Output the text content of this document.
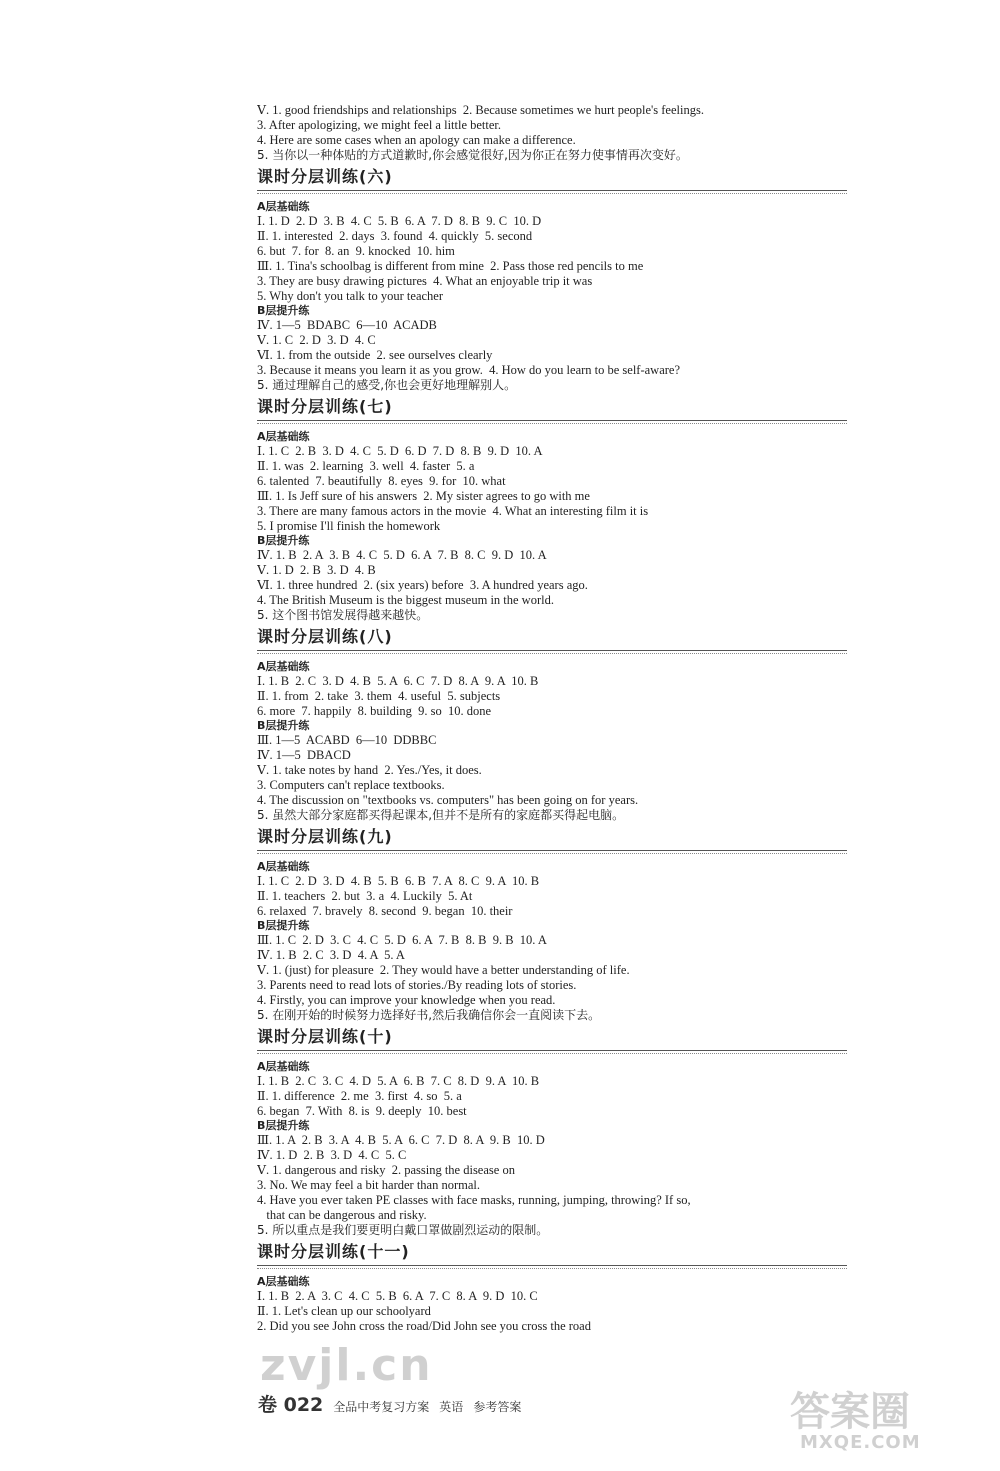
Ⅴ. 1. good friendships and relationships  2. Because sometimes we hurt people's feelings.
3. After apologizing, we might feel a little better.
4. Here are some cases when an apology can make a difference.
5. 当你以一种体贴的方式道歉时,你会感觉很好,因为你正在努力使事情再次变好。
课时分层训练(六)
A层基础练
Ⅰ. 1. D  2. D  3. B  4. C  5. B  6. A  7. D  8. B  9. C  10. D
Ⅱ. 1. interested  2. days  3. found  4. quickly  5. second
6. but  7. for  8. an  9. knocked  10. him
Ⅲ. 1. Tina's schoolbag is different from mine  2. Pass those red pencils to me
3. They are busy drawing pictures  4. What an enjoyable trip it was
5. Why don't you talk to your teacher
B层提升练
Ⅳ. 1—5  BDABC  6—10  ACADB
Ⅴ. 1. C  2. D  3. D  4. C
Ⅵ. 1. from the outside  2. see ourselves clearly
3. Because it means you learn it as you grow.  4. How do you learn to be self-aware?
5. 通过理解自己的感受,你也会更好地理解别人。
课时分层训练(七)
A层基础练
Ⅰ. 1. C  2. B  3. D  4. C  5. D  6. D  7. D  8. B  9. D  10. A
Ⅱ. 1. was  2. learning  3. well  4. faster  5. a
6. talented  7. beautifully  8. eyes  9. for  10. what
Ⅲ. 1. Is Jeff sure of his answers  2. My sister agrees to go with me
3. There are many famous actors in the movie  4. What an interesting film it is
5. I promise I'll finish the homework
B层提升练
Ⅳ. 1. B  2. A  3. B  4. C  5. D  6. A  7. B  8. C  9. D  10. A
Ⅴ. 1. D  2. B  3. D  4. B
Ⅵ. 1. three hundred  2. (six years) before  3. A hundred years ago.
4. The British Museum is the biggest museum in the world.
5. 这个图书馆发展得越来越快。
课时分层训练(八)
A层基础练
Ⅰ. 1. B  2. C  3. D  4. B  5. A  6. C  7. D  8. A  9. A  10. B
Ⅱ. 1. from  2. take  3. them  4. useful  5. subjects
6. more  7. happily  8. building  9. so  10. done
B层提升练
Ⅲ. 1—5  ACABD  6—10  DDBBC
Ⅳ. 1—5  DBACD
Ⅴ. 1. take notes by hand  2. Yes./Yes, it does.
3. Computers can't replace textbooks.
4. The discussion on "textbooks vs. computers" has been going on for years.
5. 虽然大部分家庭都买得起课本,但并不是所有的家庭都买得起电脑。
课时分层训练(九)
A层基础练
Ⅰ. 1. C  2. D  3. D  4. B  5. B  6. B  7. A  8. C  9. A  10. B
Ⅱ. 1. teachers  2. but  3. a  4. Luckily  5. At
6. relaxed  7. bravely  8. second  9. began  10. their
B层提升练
Ⅲ. 1. C  2. D  3. C  4. C  5. D  6. A  7. B  8. B  9. B  10. A
Ⅳ. 1. B  2. C  3. D  4. A  5. A
Ⅴ. 1. (just) for pleasure  2. They would have a better understanding of life.
3. Parents need to read lots of stories./By reading lots of stories.
4. Firstly, you can improve your knowledge when you read.
5. 在刚开始的时候努力选择好书,然后我确信你会一直阅读下去。
课时分层训练(十)
A层基础练
Ⅰ. 1. B  2. C  3. C  4. D  5. A  6. B  7. C  8. D  9. A  10. B
Ⅱ. 1. difference  2. me  3. first  4. so  5. a
6. began  7. With  8. is  9. deeply  10. best
B层提升练
Ⅲ. 1. A  2. B  3. A  4. B  5. A  6. C  7. D  8. A  9. B  10. D
Ⅳ. 1. D  2. B  3. D  4. C  5. C
Ⅴ. 1. dangerous and risky  2. passing the disease on
3. No. We may feel a bit harder than normal.
4. Have you ever taken PE classes with face masks, running, jumping, throwing? If so,
that can be dangerous and risky.
5. 所以重点是我们要更明白戴口罩做剧烈运动的限制。
课时分层训练(十一)
A层基础练
Ⅰ. 1. B  2. A  3. C  4. C  5. B  6. A  7. C  8. A  9. D  10. C
Ⅱ. 1. Let's clean up our schoolyard
2. Did you see John cross the road/Did John see you cross the road
卷 022 全品中考复习方案 英语 参考答案
zvjl.cn
答案圈
MXQE.COM
